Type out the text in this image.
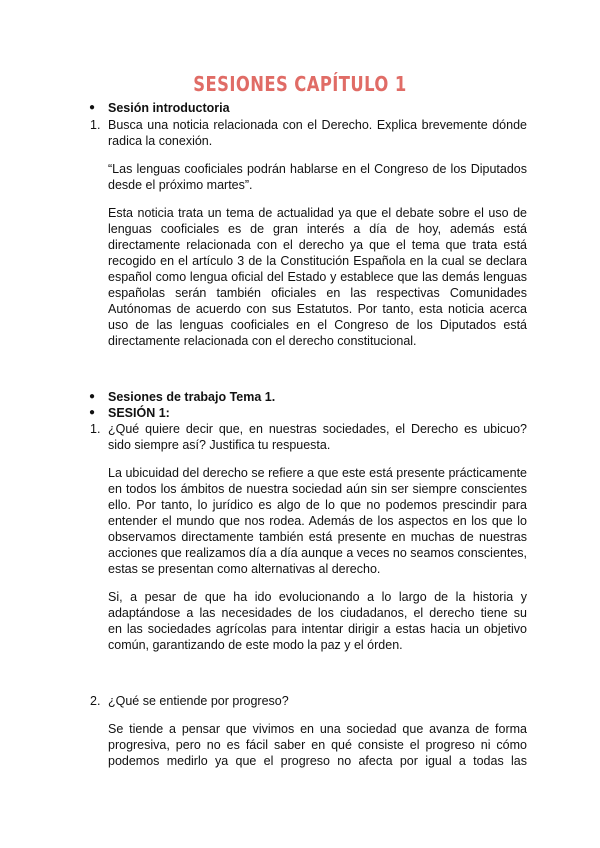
SESIONES CAPÍTULO 1
●	Sesión introductoria
1. Busca una noticia relacionada con el Derecho. Explica brevemente dónde
radica la conexión.
“Las lenguas cooficiales podrán hablarse en el Congreso de los Diputados
desde el próximo martes”.
Esta noticia trata un tema de actualidad ya que el debate sobre el uso de
lenguas cooficiales es de gran interés a día de hoy, además está
directamente relacionada con el derecho ya que el tema que trata está
recogido en el artículo 3 de la Constitución Española en la cual se declara
español como lengua oficial del Estado y establece que las demás lenguas
españolas serán también oficiales en las respectivas Comunidades
Autónomas de acuerdo con sus Estatutos. Por tanto, esta noticia acerca
uso de las lenguas cooficiales en el Congreso de los Diputados está
directamente relacionada con el derecho constitucional.
●	Sesiones de trabajo Tema 1.
●	SESIÓN 1:
1. ¿Qué quiere decir que, en nuestras sociedades, el Derecho es ubicuo?
sido siempre así? Justifica tu respuesta.
La ubicuidad del derecho se refiere a que este está presente prácticamente
en todos los ámbitos de nuestra sociedad aún sin ser siempre conscientes
ello. Por tanto, lo jurídico es algo de lo que no podemos prescindir para
entender el mundo que nos rodea. Además de los aspectos en los que lo
observamos directamente también está presente en muchas de nuestras
acciones que realizamos día a día aunque a veces no seamos conscientes,
estas se presentan como alternativas al derecho.
Si, a pesar de que ha ido evolucionando a lo largo de la historia y
adaptándose a las necesidades de los ciudadanos, el derecho tiene su
en las sociedades agrícolas para intentar dirigir a estas hacia un objetivo
común, garantizando de este modo la paz y el órden.
2. ¿Qué se entiende por progreso?
Se tiende a pensar que vivimos en una sociedad que avanza de forma
progresiva, pero no es fácil saber en qué consiste el progreso ni cómo
podemos medirlo ya que el progreso no afecta por igual a todas las
